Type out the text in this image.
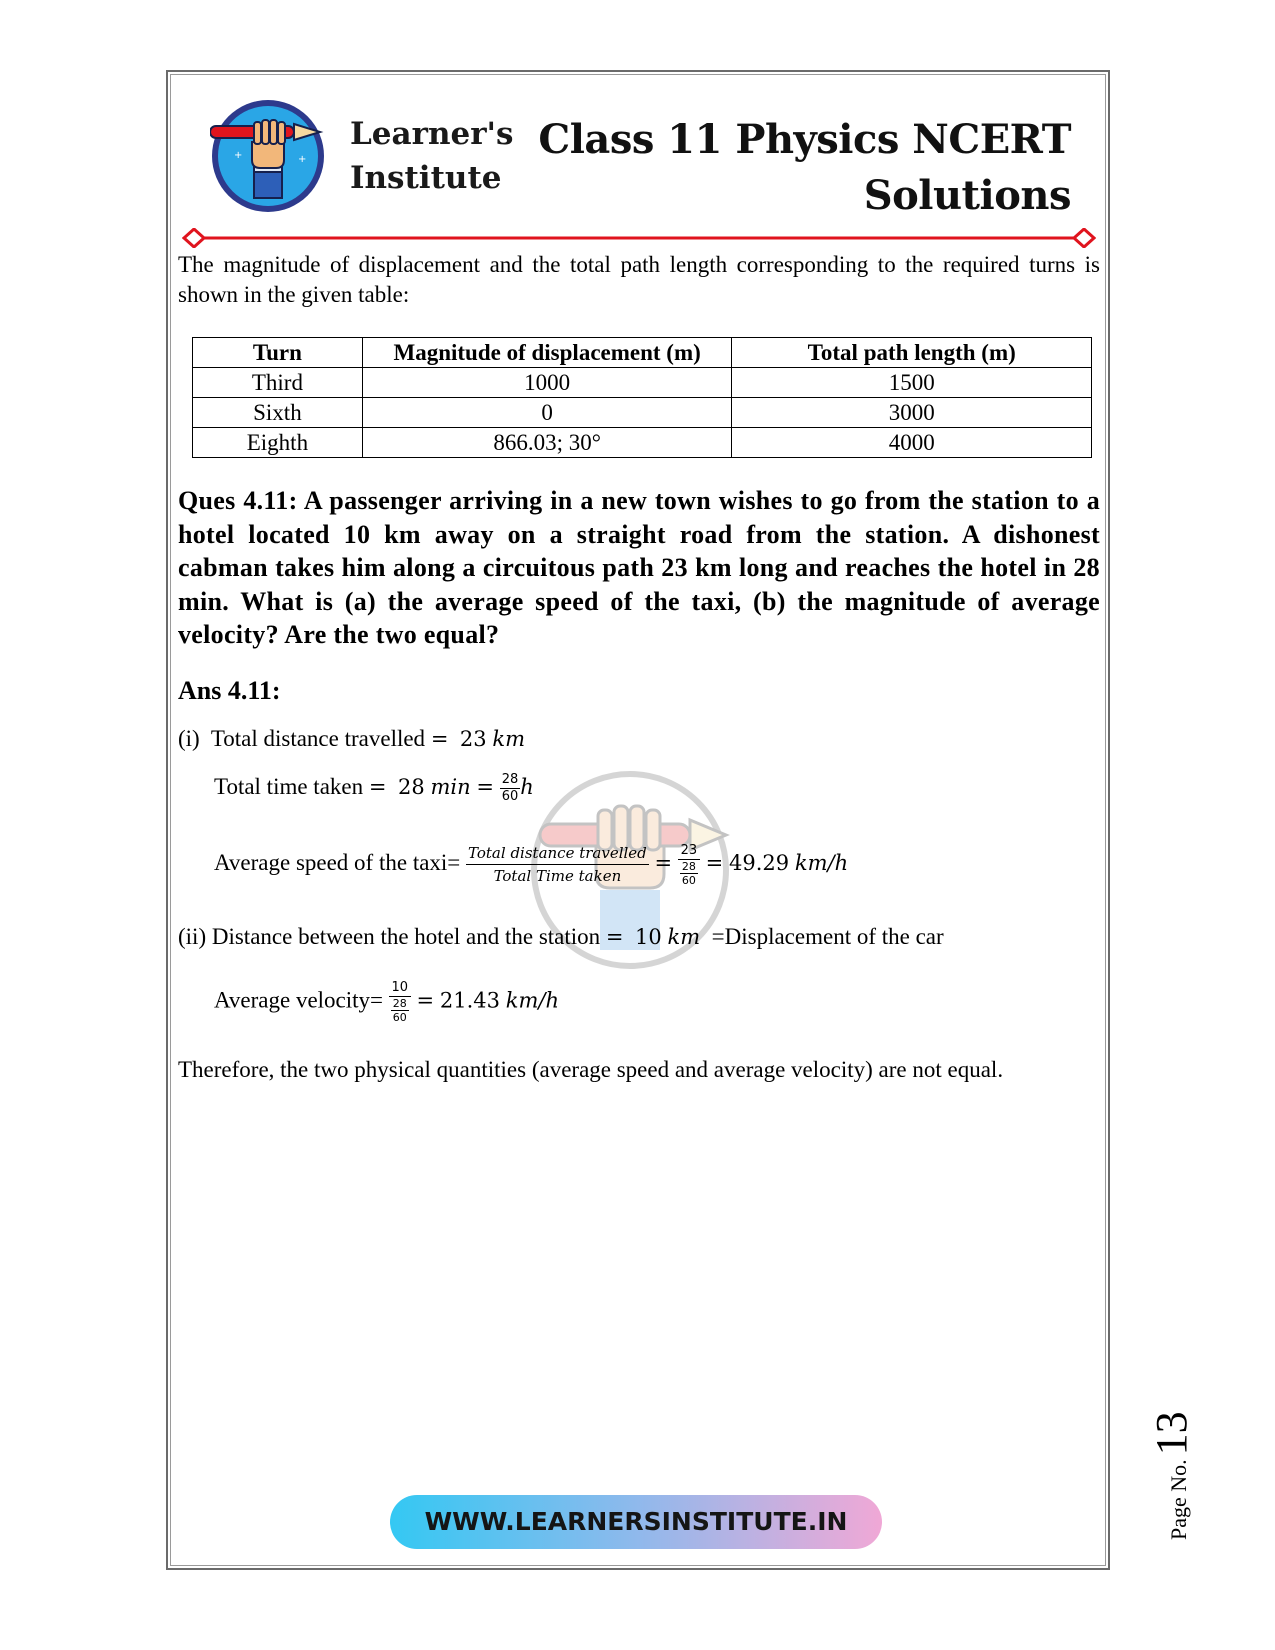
+	+
Learner's
Institute
Class 11 Physics NCERT
Solutions
The magnitude of displacement and the total path length corresponding to the required turns is shown in the given table:
Turn	Magnitude of displacement (m)	Total path length (m)
Third	1000	1500
Sixth	0	3000
Eighth	866.03; 30°	4000
Ques 4.11: A passenger arriving in a new town wishes to go from the station to a hotel located 10 km away on a straight road from the station. A dishonest cabman takes him along a circuitous path 23 km long and reaches the hotel in 28 min. What is (a) the average speed of the taxi, (b) the magnitude of average velocity? Are the two equal?
Ans 4.11:
(i) Total distance travelled = 23 km
Total time taken = 28 $\min = \frac{28}{60}$ h
Average speed of the taxi= $\frac{\text{Total distance travelled}}{\text{Total Time taken}} = \frac{23}{\frac{28}{60}} = 49.29$ km/h
(ii) Distance between the hotel and the station = 10 km =Displacement of the car
Average velocity= $\frac{10}{\frac{28}{60}} = 21.43$ km/h
Therefore, the two physical quantities (average speed and average velocity) are not equal.
WWW.LEARNERSINSTITUTE.IN	Page No.13
